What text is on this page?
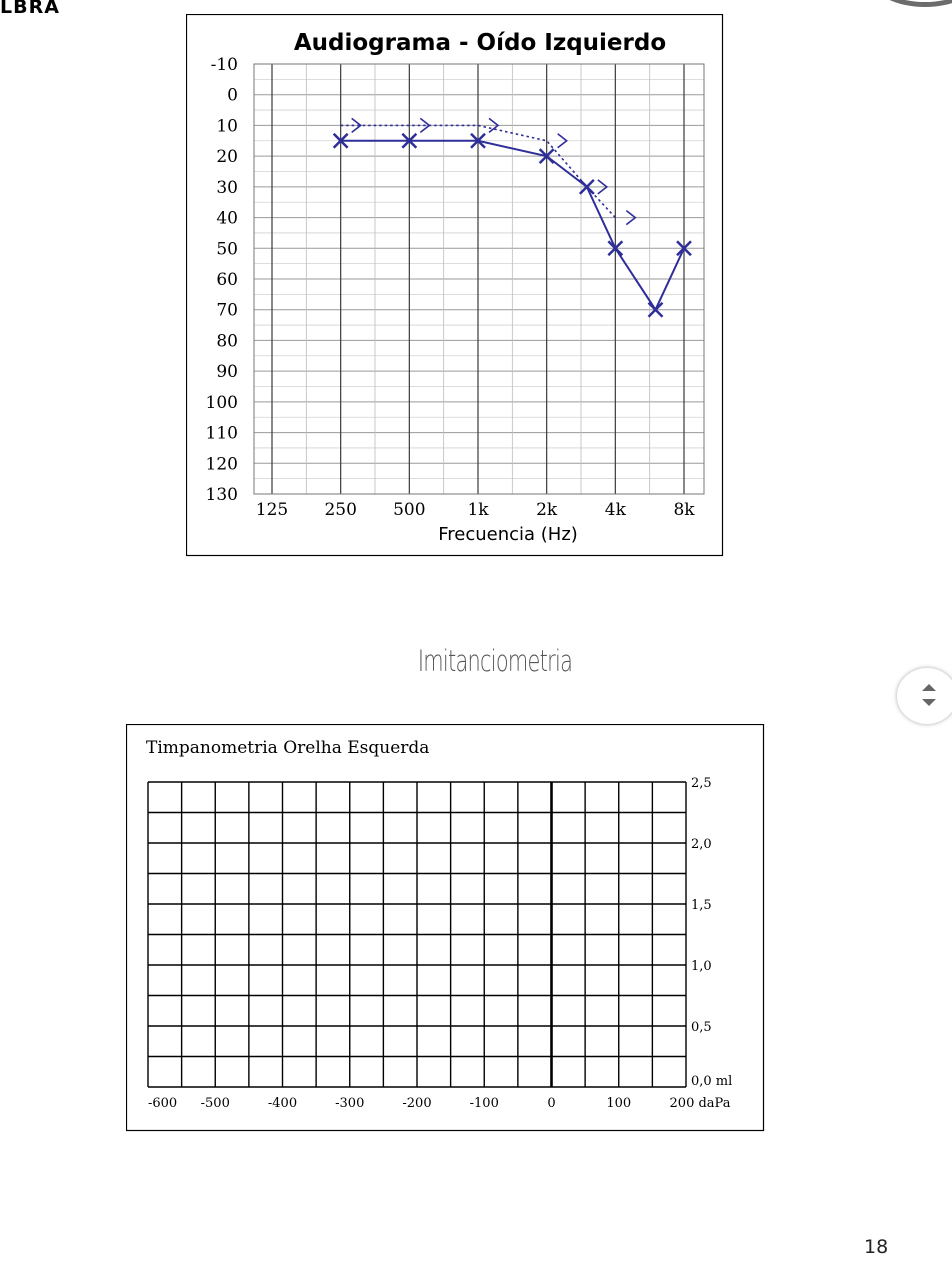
LBRA
Audiograma - Oído Izquierdo
-10
0
10
20
30
40
50
60
70
80
90
100
110
120
130
125 250 500 1k	2k	4k	8k
Frecuencia (Hz)
Imitanciometria
Timpanometria Orelha Esquerda
0,0 ml
0,5
1,0
1,5
2,0
2,5
-600 -500	-400	-300	-200	-100	0	100	200 daPa
18
